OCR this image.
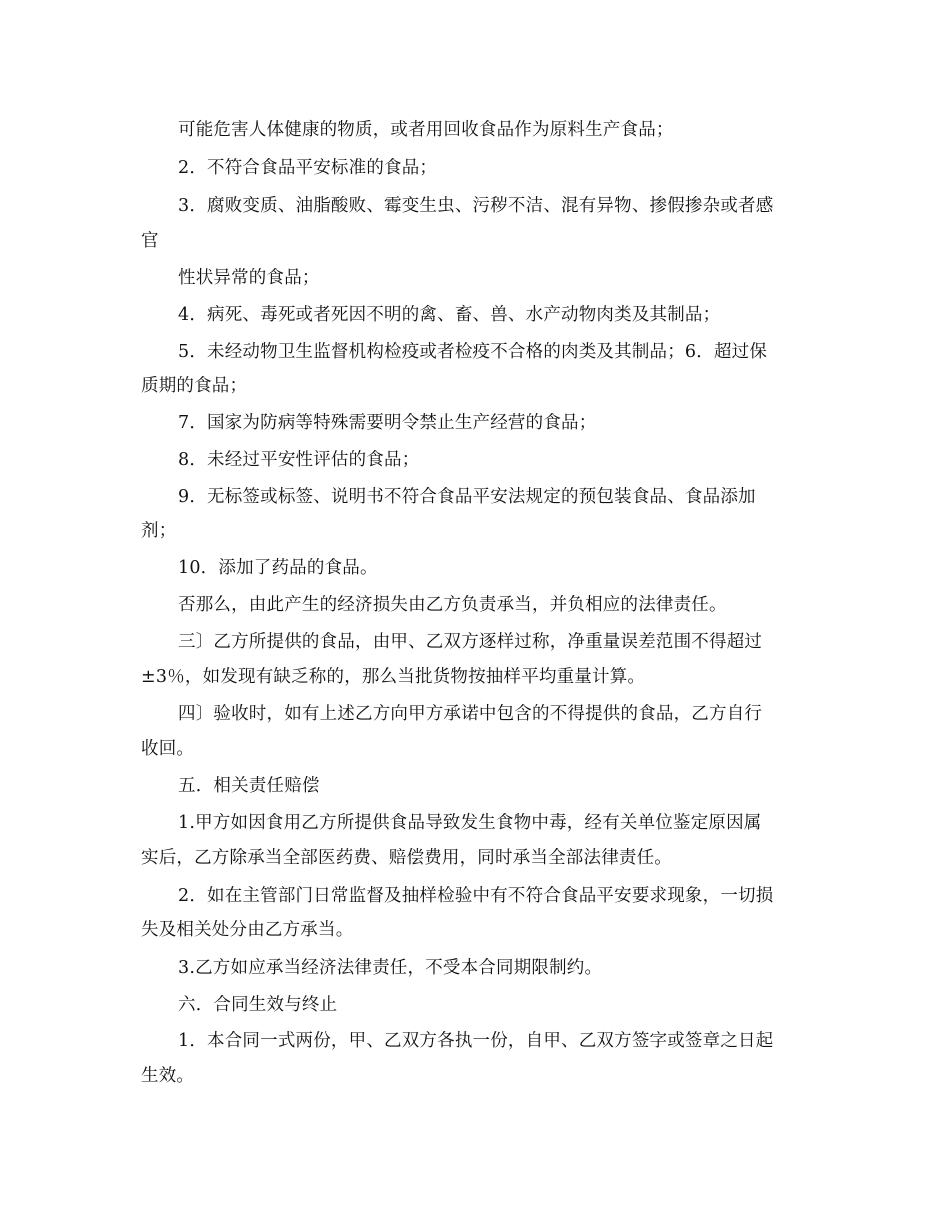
可能危害人体健康的物质，或者用回收食品作为原料生产食品；
2．不符合食品平安标准的食品；
3．腐败变质、油脂酸败、霉变生虫、污秽不洁、混有异物、掺假掺杂或者感
官
性状异常的食品；
4．病死、毒死或者死因不明的禽、畜、兽、水产动物肉类及其制品；
5．未经动物卫生监督机构检疫或者检疫不合格的肉类及其制品；6．超过保
质期的食品；
7．国家为防病等特殊需要明令禁止生产经营的食品；
8．未经过平安性评估的食品；
9．无标签或标签、说明书不符合食品平安法规定的预包装食品、食品添加
剂；
10．添加了药品的食品。
否那么，由此产生的经济损失由乙方负责承当，并负相应的法律责任。
三〕乙方所提供的食品，由甲、乙双方逐样过称，净重量误差范围不得超过
±3％，如发现有缺乏称的，那么当批货物按抽样平均重量计算。
四〕验收时，如有上述乙方向甲方承诺中包含的不得提供的食品，乙方自行
收回。
五．相关责任赔偿
1.甲方如因食用乙方所提供食品导致发生食物中毒，经有关单位鉴定原因属
实后，乙方除承当全部医药费、赔偿费用，同时承当全部法律责任。
2．如在主管部门日常监督及抽样检验中有不符合食品平安要求现象，一切损
失及相关处分由乙方承当。
3.乙方如应承当经济法律责任，不受本合同期限制约。
六．合同生效与终止
1．本合同一式两份，甲、乙双方各执一份，自甲、乙双方签字或签章之日起
生效。
